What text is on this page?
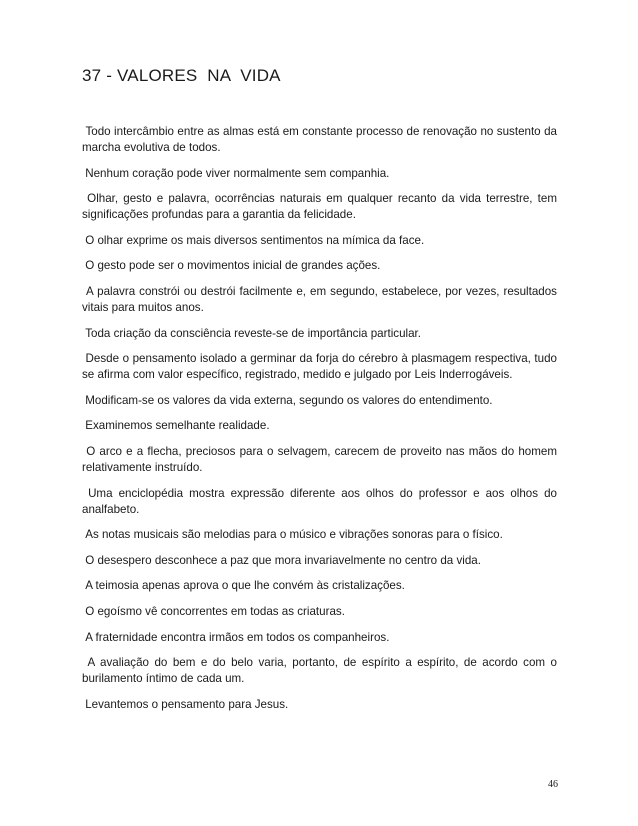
37 - VALORES  NA  VIDA

Todo intercâmbio entre as almas está em constante processo de renovação no sustento da marcha evolutiva de todos.

Nenhum coração pode viver normalmente sem companhia.

Olhar, gesto e palavra, ocorrências naturais em qualquer recanto da vida terrestre, tem significações profundas para a garantia da felicidade.

O olhar exprime os mais diversos sentimentos na mímica da face.

O gesto pode ser o movimentos inicial de grandes ações.

A palavra constrói ou destrói facilmente e, em segundo, estabelece, por vezes, resultados vitais para muitos anos.

Toda criação da consciência reveste-se de importância particular.

Desde o pensamento isolado a germinar da forja do cérebro à plasmagem respectiva, tudo se afirma com valor específico, registrado, medido e julgado por Leis Inderrogáveis.

Modificam-se os valores da vida externa, segundo os valores do entendimento.

Examinemos semelhante realidade.

O arco e a flecha, preciosos para o selvagem, carecem de proveito nas mãos do homem relativamente instruído.

Uma enciclopédia mostra expressão diferente aos olhos do professor e aos olhos do analfabeto.

As notas musicais são melodias para o músico e vibrações sonoras para o físico.

O desespero desconhece a paz que mora invariavelmente no centro da vida.

A teimosia apenas aprova o que lhe convém às cristalizações.

O egoísmo vê concorrentes em todas as criaturas.

A fraternidade encontra irmãos em todos os companheiros.

A avaliação do bem e do belo varia, portanto, de espírito a espírito, de acordo com o burilamento íntimo de cada um.

Levantemos o pensamento para Jesus.

46
